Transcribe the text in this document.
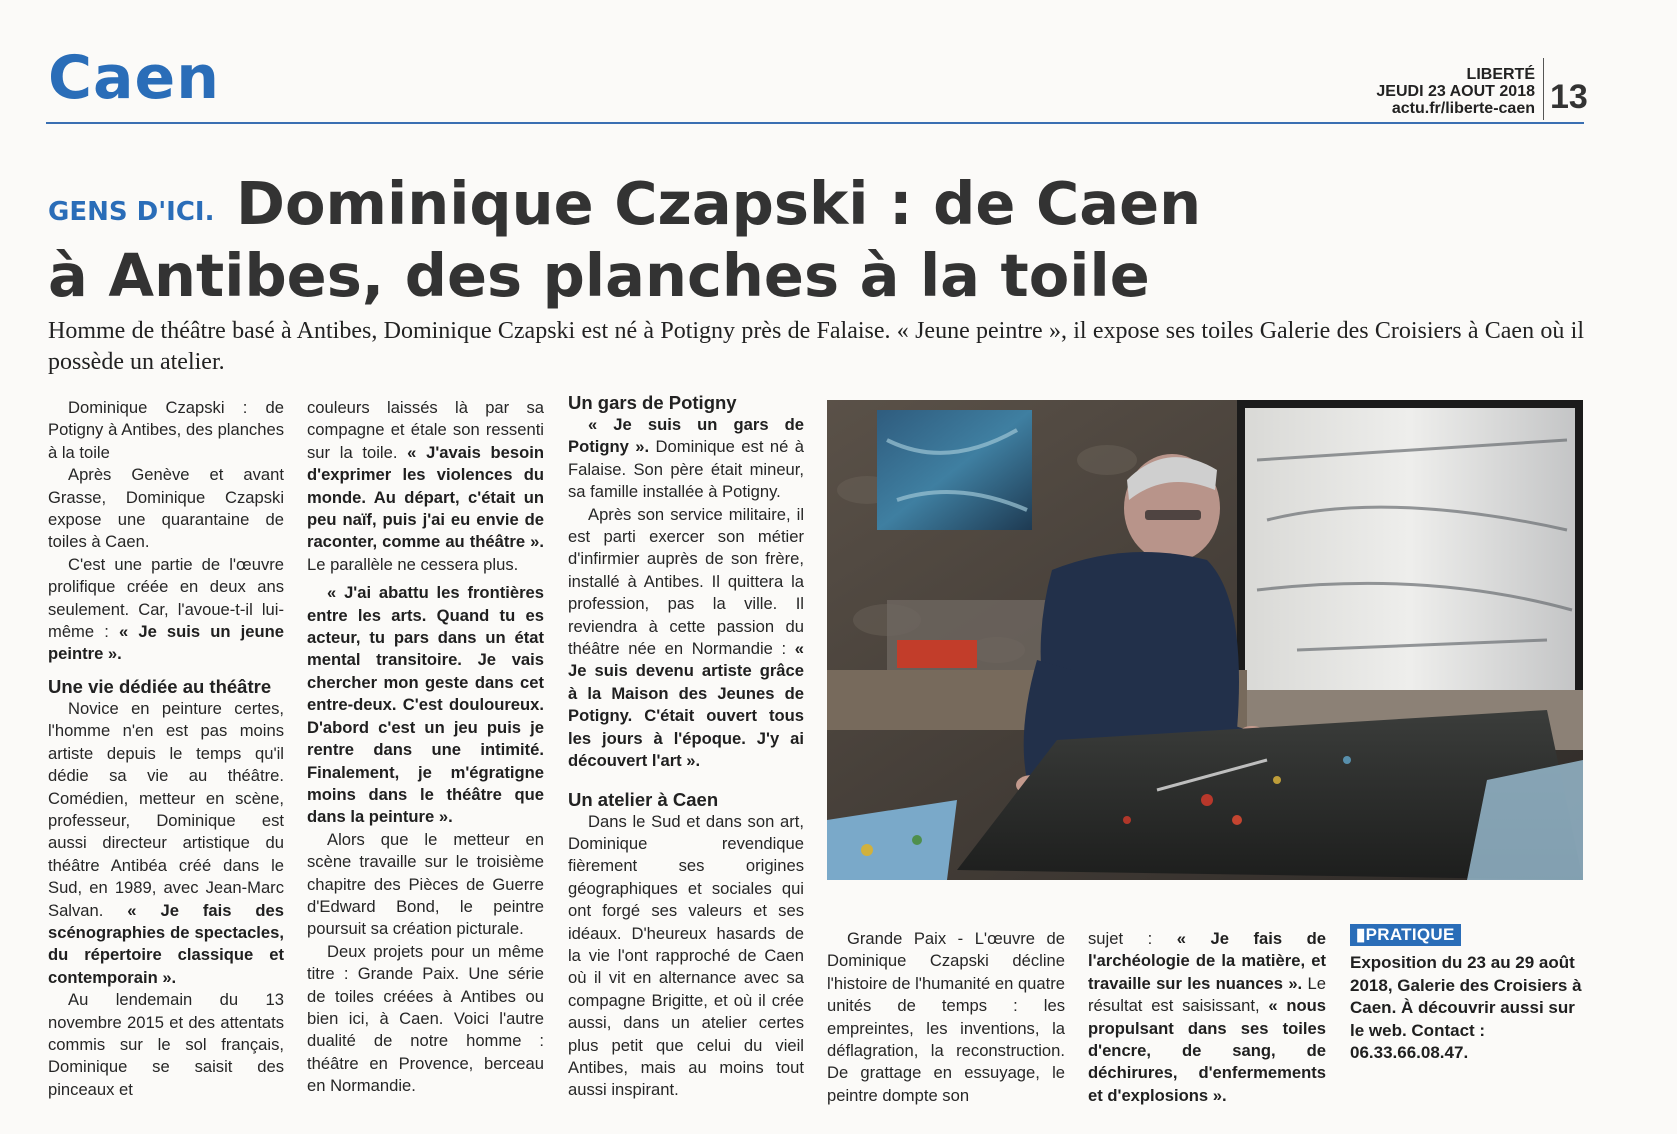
Caen	LIBERTÉ
JEUDI 23 AOUT 2018
actu.fr/liberte-caen 13
GENS D'ICI. Dominique Czapski : de Caen
à Antibes, des planches à la toile

Homme de théâtre basé à Antibes, Dominique Czapski est né à Potigny près de Falaise. « Jeune peintre », il expose ses toiles Galerie des Croisiers à Caen où il possède un atelier.

Dominique Czapski : de Potigny à Antibes, des planches à la toile

Après Genève et avant Grasse, Dominique Czapski expose une quarantaine de toiles à Caen.

C'est une partie de l'œuvre prolifique créée en deux ans seulement. Car, l'avoue-t-il lui-même : « Je suis un jeune peintre ».

Une vie dédiée au théâtre

Novice en peinture certes, l'homme n'en est pas moins artiste depuis le temps qu'il dédie sa vie au théâtre. Comédien, metteur en scène, professeur, Dominique est aussi directeur artistique du théâtre Antibéa créé dans le Sud, en 1989, avec Jean-Marc Salvan. « Je fais des scénographies de spectacles, du répertoire classique et contemporain ».

Au lendemain du 13 novembre 2015 et des attentats commis sur le sol français, Dominique se saisit des pinceaux et

couleurs laissés là par sa compagne et étale son ressenti sur la toile. « J'avais besoin d'exprimer les violences du monde. Au départ, c'était un peu naïf, puis j'ai eu envie de raconter, comme au théâtre ». Le parallèle ne cessera plus.

« J'ai abattu les frontières entre les arts. Quand tu es acteur, tu pars dans un état mental transitoire. Je vais chercher mon geste dans cet entre-deux. C'est douloureux. D'abord c'est un jeu puis je rentre dans une intimité. Finalement, je m'égratigne moins dans le théâtre que dans la peinture ».

Alors que le metteur en scène travaille sur le troisième chapitre des Pièces de Guerre d'Edward Bond, le peintre poursuit sa création picturale.

Deux projets pour un même titre : Grande Paix. Une série de toiles créées à Antibes ou bien ici, à Caen. Voici l'autre dualité de notre homme : théâtre en Provence, berceau en Normandie.

Un gars de Potigny

« Je suis un gars de Potigny ». Dominique est né à Falaise. Son père était mineur, sa famille installée à Potigny.

Après son service militaire, il est parti exercer son métier d'infirmier auprès de son frère, installé à Antibes. Il quittera la profession, pas la ville. Il reviendra à cette passion du théâtre née en Normandie : « Je suis devenu artiste grâce à la Maison des Jeunes de Potigny. C'était ouvert tous les jours à l'époque. J'y ai découvert l'art ».

Un atelier à Caen

Dans le Sud et dans son art, Dominique revendique fièrement ses origines géographiques et sociales qui ont forgé ses valeurs et ses idéaux. D'heureux hasards de la vie l'ont rapproché de Caen où il vit en alternance avec sa compagne Brigitte, et où il crée aussi, dans un atelier certes plus petit que celui du vieil Antibes, mais au moins tout aussi inspirant.

Grande Paix - L'œuvre de Dominique Czapski décline l'histoire de l'humanité en quatre unités de temps : les empreintes, les inventions, la déflagration, la reconstruction. De grattage en essuyage, le peintre dompte son

sujet : « Je fais de l'archéologie de la matière, et travaille sur les nuances ». Le résultat est saisissant, « nous propulsant dans ses toiles d'encre, de sang, de déchirures, d'enfermements et d'explosions ».

▮PRATIQUE
Exposition du 23 au 29 août 2018, Galerie des Croisiers à Caen. À découvrir aussi sur le web. Contact : 06.33.66.08.47.
